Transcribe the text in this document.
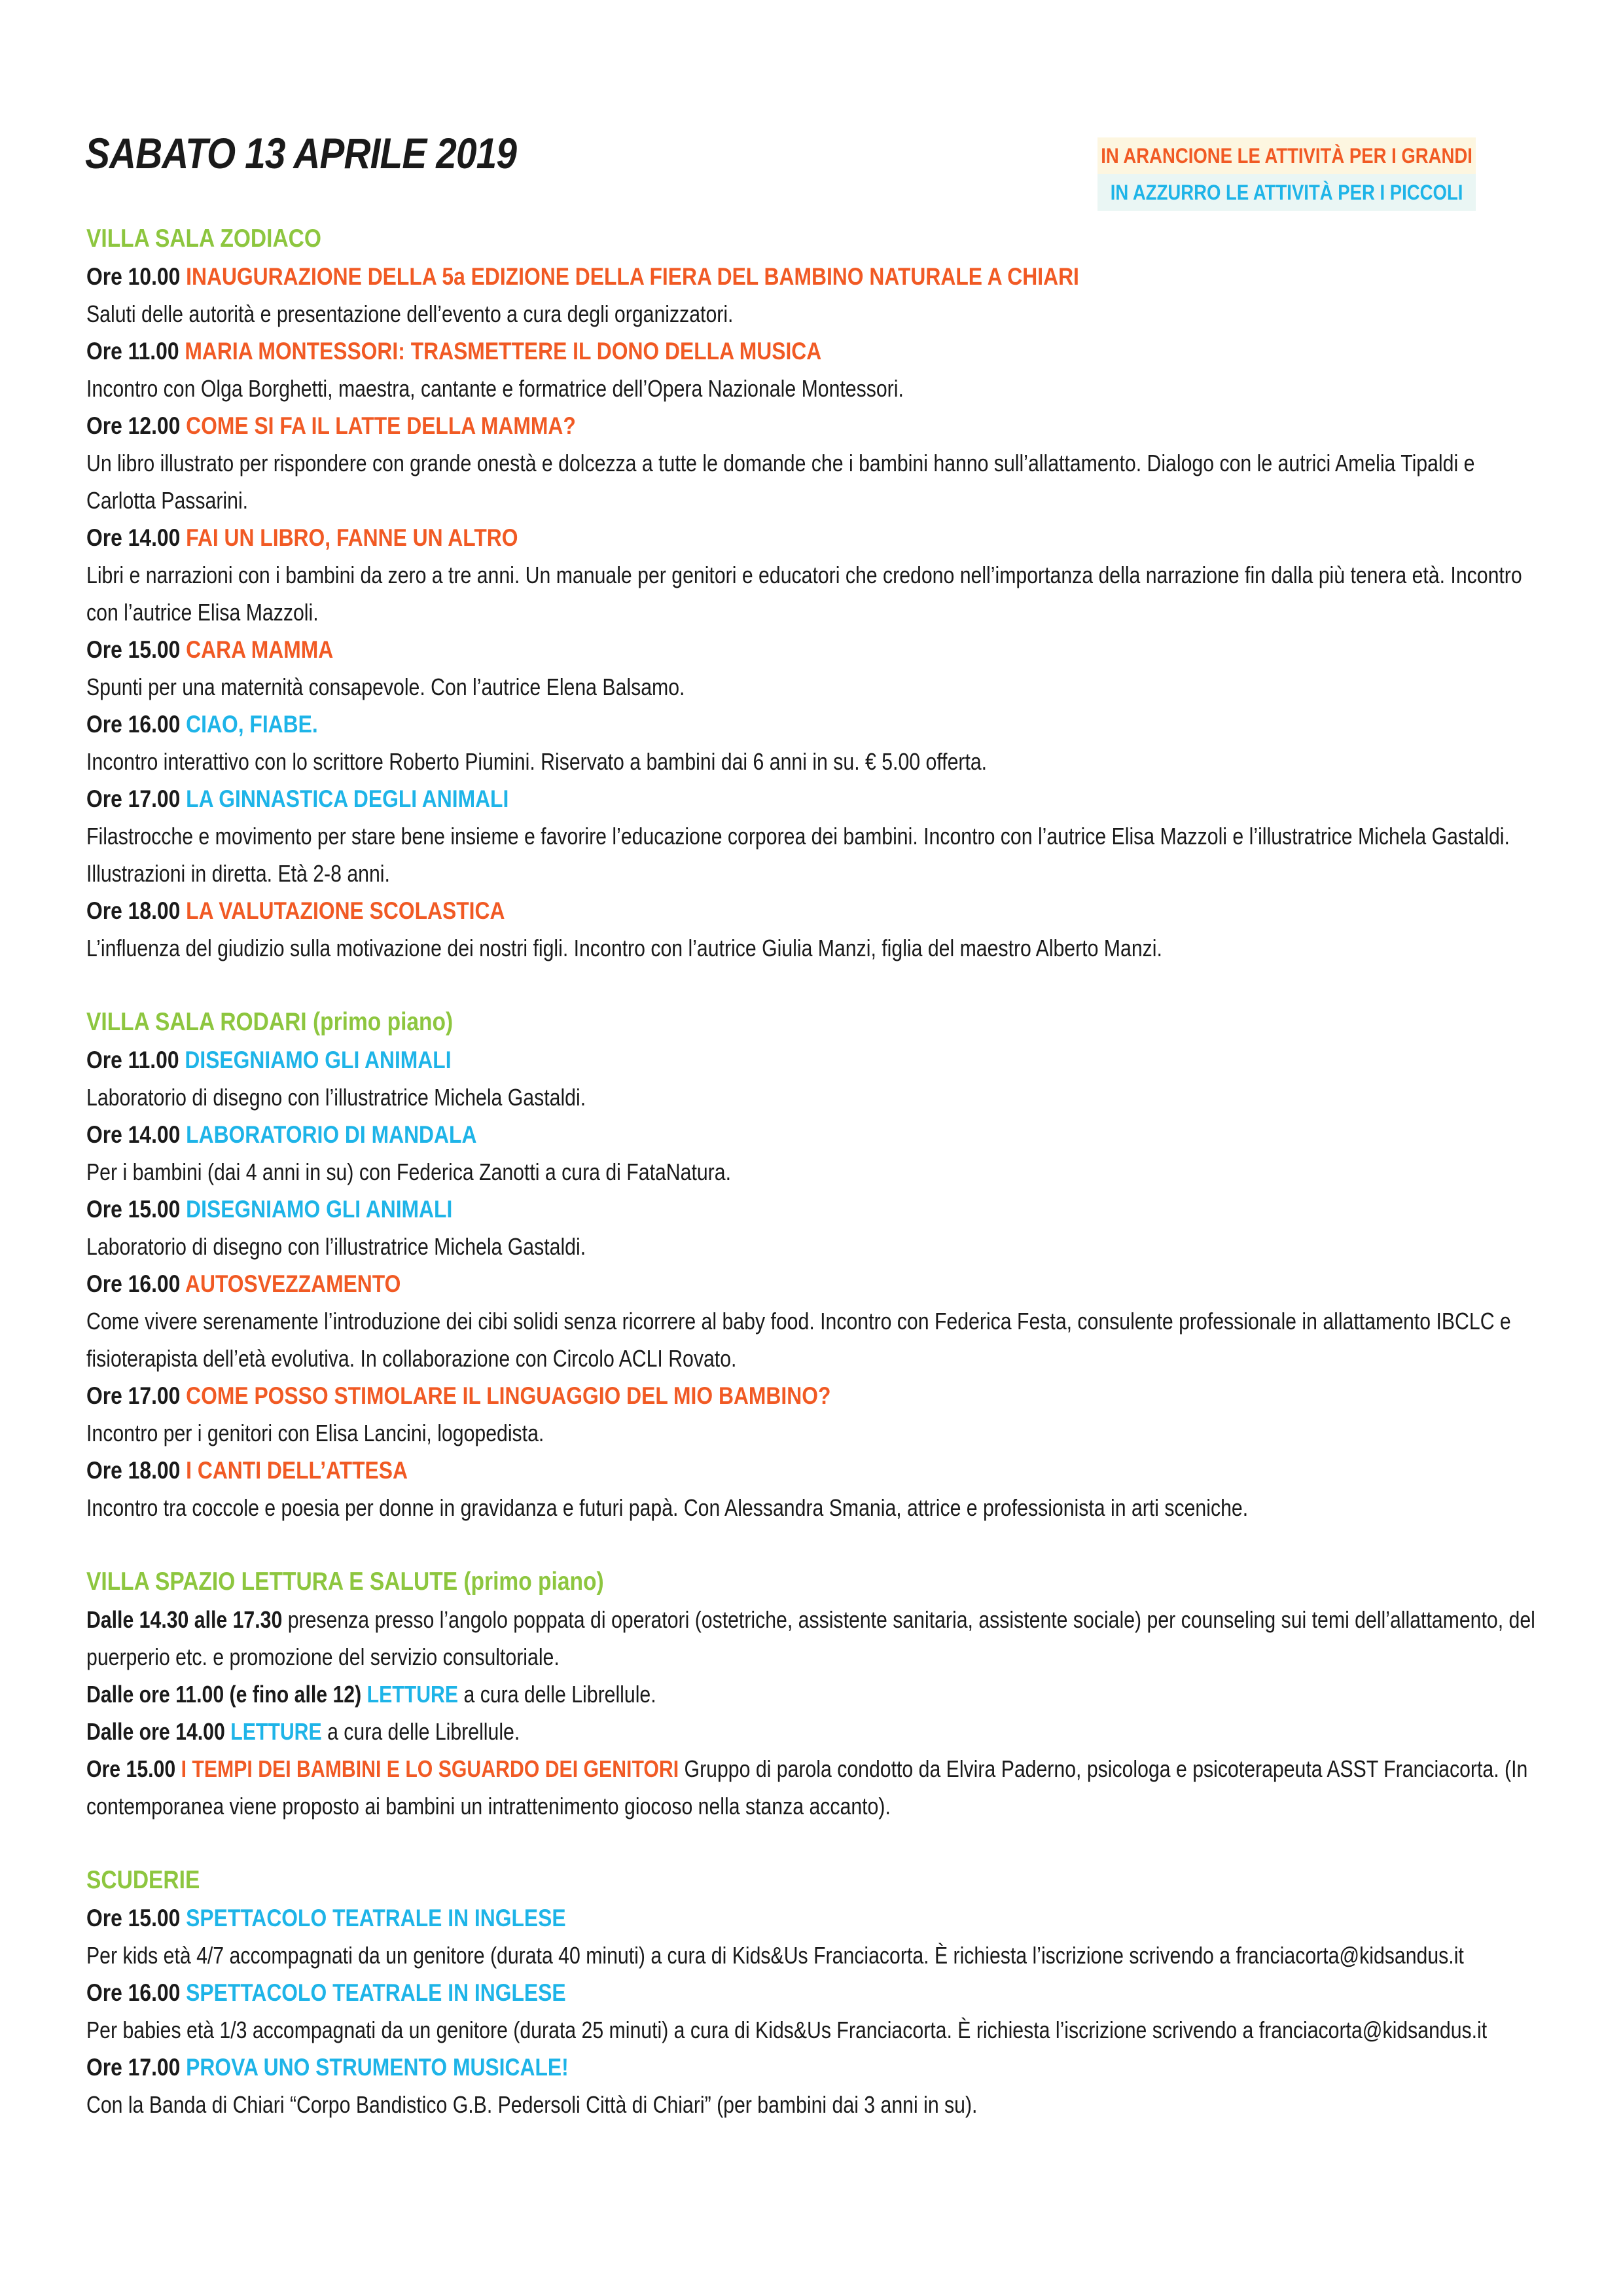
SABATO 13 APRILE 2019	IN ARANCIONE LE ATTIVITÀ PER I GRANDI
IN AZZURRO LE ATTIVITÀ PER I PICCOLI
VILLA SALA ZODIACO
Ore 10.00 INAUGURAZIONE DELLA 5a EDIZIONE DELLA FIERA DEL BAMBINO NATURALE A CHIARI
Saluti delle autorità e presentazione dell’evento a cura degli organizzatori.
Ore 11.00 MARIA MONTESSORI: TRASMETTERE IL DONO DELLA MUSICA
Incontro con Olga Borghetti, maestra, cantante e formatrice dell’Opera Nazionale Montessori.
Ore 12.00 COME SI FA IL LATTE DELLA MAMMA?
Un libro illustrato per rispondere con grande onestà e dolcezza a tutte le domande che i bambini hanno sull’allattamento. Dialogo con le autrici Amelia Tipaldi e Carlotta Passarini.
Ore 14.00 FAI UN LIBRO, FANNE UN ALTRO
Libri e narrazioni con i bambini da zero a tre anni. Un manuale per genitori e educatori che credono nell’importanza della narrazione fin dalla più tenera età. Incontro con l’autrice Elisa Mazzoli.
Ore 15.00 CARA MAMMA
Spunti per una maternità consapevole. Con l’autrice Elena Balsamo.
Ore 16.00 CIAO, FIABE.
Incontro interattivo con lo scrittore Roberto Piumini. Riservato a bambini dai 6 anni in su. € 5.00 offerta.
Ore 17.00 LA GINNASTICA DEGLI ANIMALI
Filastrocche e movimento per stare bene insieme e favorire l’educazione corporea dei bambini. Incontro con l’autrice Elisa Mazzoli e l’illustratrice Michela Gastaldi. Illustrazioni in diretta. Età 2-8 anni.
Ore 18.00 LA VALUTAZIONE SCOLASTICA
L’influenza del giudizio sulla motivazione dei nostri figli. Incontro con l’autrice Giulia Manzi, figlia del maestro Alberto Manzi.
VILLA SALA RODARI (primo piano)
Ore 11.00 DISEGNIAMO GLI ANIMALI
Laboratorio di disegno con l’illustratrice Michela Gastaldi.
Ore 14.00 LABORATORIO DI MANDALA
Per i bambini (dai 4 anni in su) con Federica Zanotti a cura di FataNatura.
Ore 15.00 DISEGNIAMO GLI ANIMALI
Laboratorio di disegno con l’illustratrice Michela Gastaldi.
Ore 16.00 AUTOSVEZZAMENTO
Come vivere serenamente l’introduzione dei cibi solidi senza ricorrere al baby food. Incontro con Federica Festa, consulente professionale in allattamento IBCLC e fisioterapista dell’età evolutiva. In collaborazione con Circolo ACLI Rovato.
Ore 17.00 COME POSSO STIMOLARE IL LINGUAGGIO DEL MIO BAMBINO?
Incontro per i genitori con Elisa Lancini, logopedista.
Ore 18.00 I CANTI DELL’ATTESA
Incontro tra coccole e poesia per donne in gravidanza e futuri papà. Con Alessandra Smania, attrice e professionista in arti sceniche.
VILLA SPAZIO LETTURA E SALUTE (primo piano)
Dalle 14.30 alle 17.30 presenza presso l’angolo poppata di operatori (ostetriche, assistente sanitaria, assistente sociale) per counseling sui temi dell’allattamento, del puerperio etc. e promozione del servizio consultoriale.
Dalle ore 11.00 (e fino alle 12) LETTURE a cura delle Librellule.
Dalle ore 14.00 LETTURE a cura delle Librellule.
Ore 15.00 I TEMPI DEI BAMBINI E LO SGUARDO DEI GENITORI Gruppo di parola condotto da Elvira Paderno, psicologa e psicoterapeuta ASST Franciacorta. (In contemporanea viene proposto ai bambini un intrattenimento giocoso nella stanza accanto).
SCUDERIE
Ore 15.00 SPETTACOLO TEATRALE IN INGLESE
Per kids età 4/7 accompagnati da un genitore (durata 40 minuti) a cura di Kids&Us Franciacorta. È richiesta l’iscrizione scrivendo a franciacorta@kidsandus.it
Ore 16.00 SPETTACOLO TEATRALE IN INGLESE
Per babies età 1/3 accompagnati da un genitore (durata 25 minuti) a cura di Kids&Us Franciacorta. È richiesta l’iscrizione scrivendo a franciacorta@kidsandus.it
Ore 17.00 PROVA UNO STRUMENTO MUSICALE!
Con la Banda di Chiari “Corpo Bandistico G.B. Pedersoli Città di Chiari” (per bambini dai 3 anni in su).
